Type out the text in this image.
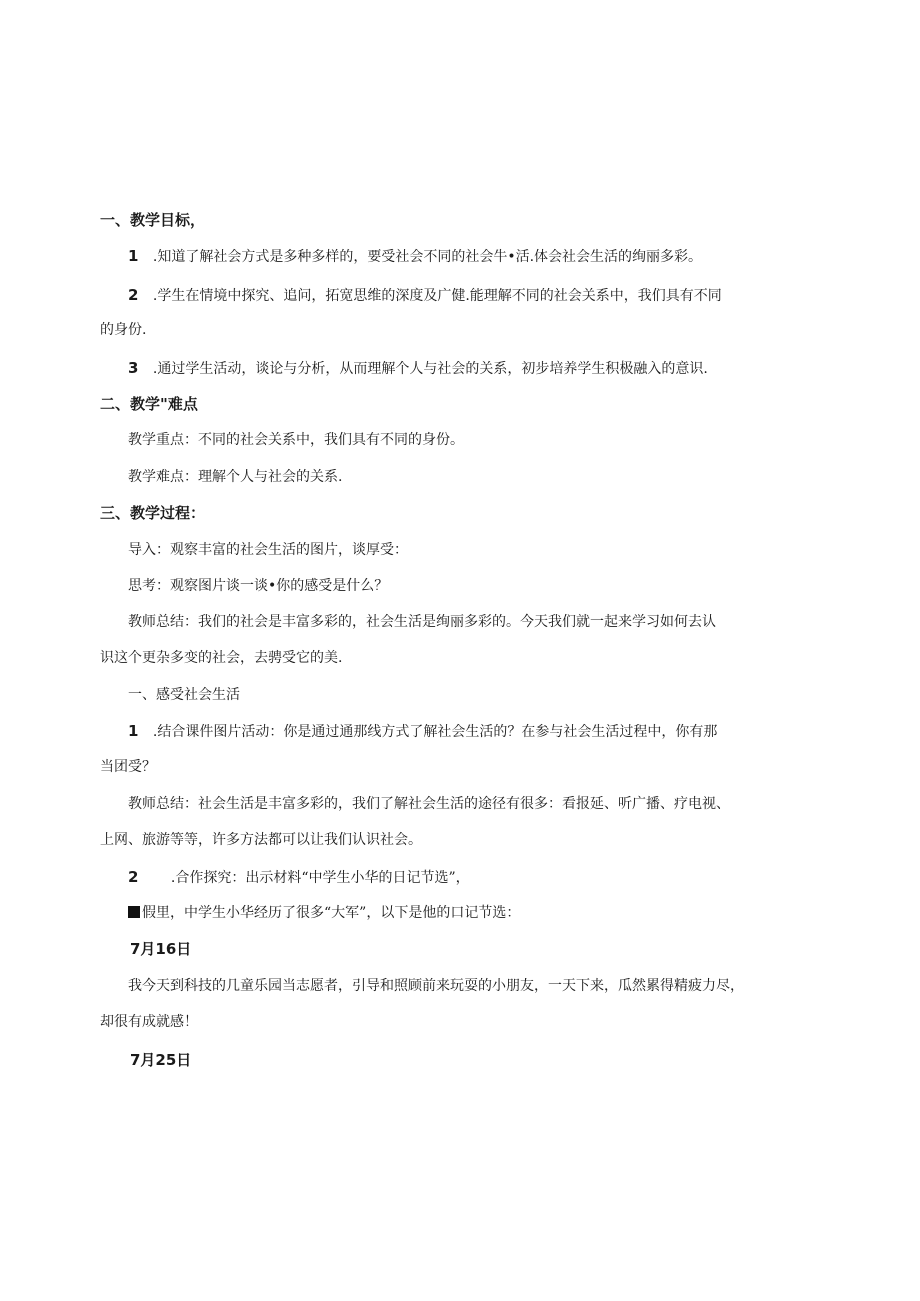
一、教学目标，
1 .知道了解社会方式是多种多样的，要受社会不同的社会牛•活.体会社会生活的绚丽多彩。
2 .学生在情境中探究、追问，拓宽思维的深度及广健.能理解不同的社会关系中，我们具有不同
的身份.
3 .通过学生活动，谈论与分析，从而理解个人与社会的关系，初步培养学生积极融入的意识.
二、教学"难点
教学重点：不同的社会关系中，我们具有不同的身份。
教学难点：理解个人与社会的关系.
三、教学过程：
导入：观察丰富的社会生活的图片，谈厚受：
思考：观察图片谈一谈•你的感受是什么？
教师总结：我们的社会是丰富多彩的，社会生活是绚丽多彩的。今天我们就一起来学习如何去认
识这个更杂多变的社会，去骋受它的美.
一、感受社会生活
1 .结合课件图片活动：你是通过通那线方式了解社会生活的？在参与社会生活过程中，你有那
当团受？
教师总结：社会生活是丰富多彩的，我们了解社会生活的途径有很多：看报延、听广播、疗电视、
上网、旅游等等，许多方法都可以让我们认识社会。
2 .合作探究：出示材料“中学生小华的日记节选”，
假里，中学生小华经历了很多“大军”，以下是他的口记节选：
7月16日
我今天到科技的几童乐园当志愿者，引导和照顾前来玩耍的小朋友，一天下来，瓜然累得精疲力尽，
却很有成就感！
7月25日
